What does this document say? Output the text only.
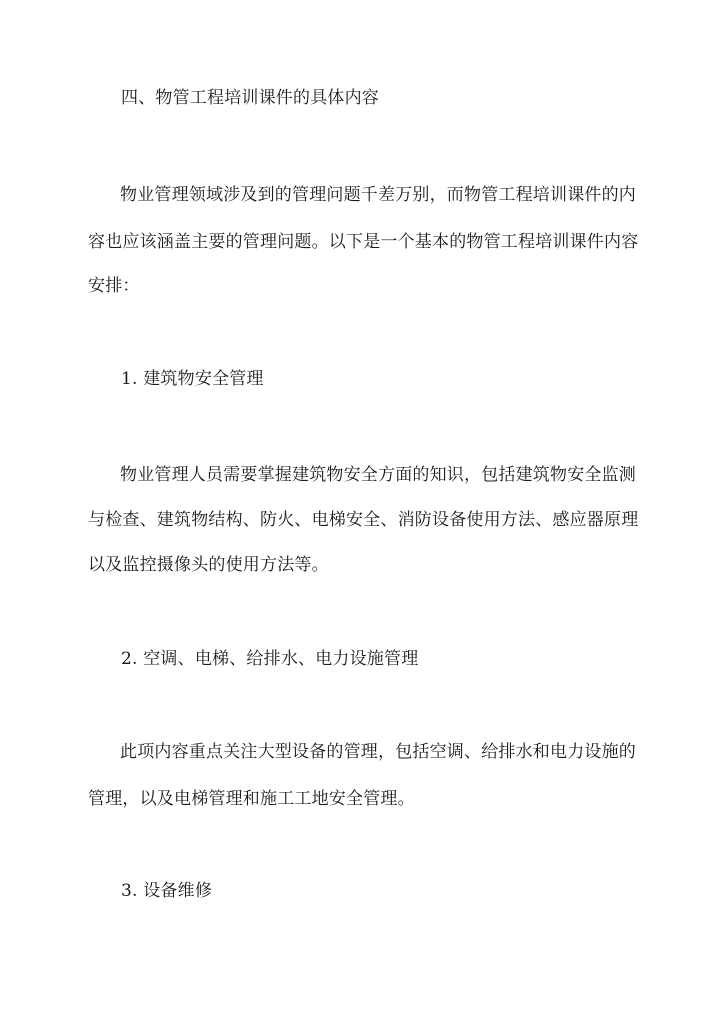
四、物管工程培训课件的具体内容
物业管理领域涉及到的管理问题千差万别，而物管工程培训课件的内
容也应该涵盖主要的管理问题。以下是一个基本的物管工程培训课件内容
安排：
1. 建筑物安全管理
物业管理人员需要掌握建筑物安全方面的知识，包括建筑物安全监测
与检查、建筑物结构、防火、电梯安全、消防设备使用方法、感应器原理
以及监控摄像头的使用方法等。
2. 空调、电梯、给排水、电力设施管理
此项内容重点关注大型设备的管理，包括空调、给排水和电力设施的
管理，以及电梯管理和施工工地安全管理。
3. 设备维修
